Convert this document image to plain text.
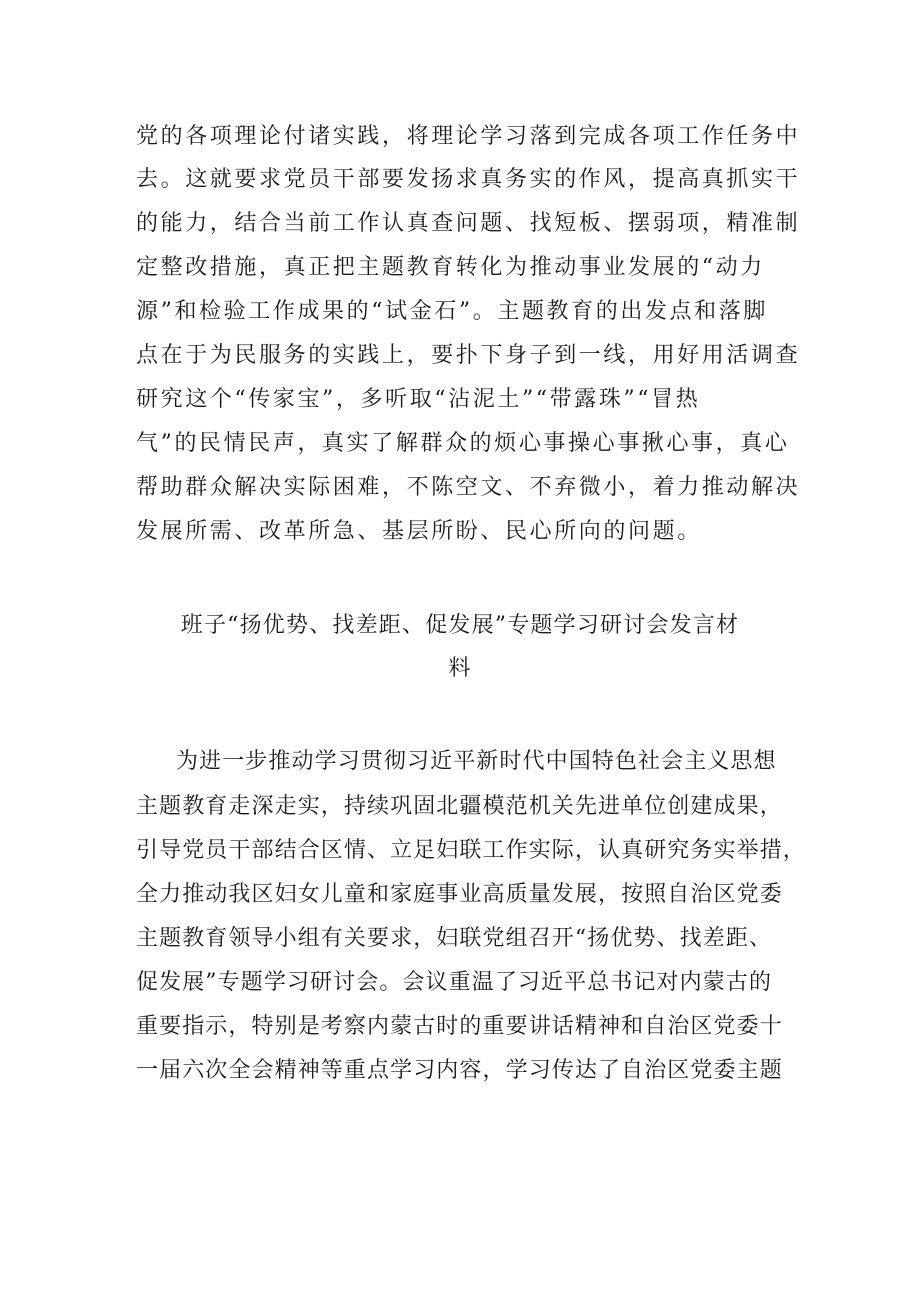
党的各项理论付诸实践，将理论学习落到完成各项工作任务中
去。这就要求党员干部要发扬求真务实的作风，提高真抓实干
的能力，结合当前工作认真查问题、找短板、摆弱项，精准制
定整改措施，真正把主题教育转化为推动事业发展的“动力
源”和检验工作成果的“试金石”。主题教育的出发点和落脚
点在于为民服务的实践上，要扑下身子到一线，用好用活调查
研究这个“传家宝”，多听取“沾泥土”“带露珠”“冒热
气”的民情民声，真实了解群众的烦心事操心事揪心事，真心
帮助群众解决实际困难，不陈空文、不弃微小，着力推动解决
发展所需、改革所急、基层所盼、民心所向的问题。
班子“扬优势、找差距、促发展”专题学习研讨会发言材
料
为进一步推动学习贯彻习近平新时代中国特色社会主义思想
主题教育走深走实，持续巩固北疆模范机关先进单位创建成果，
引导党员干部结合区情、立足妇联工作实际，认真研究务实举措，
全力推动我区妇女儿童和家庭事业高质量发展，按照自治区党委
主题教育领导小组有关要求，妇联党组召开“扬优势、找差距、
促发展”专题学习研讨会。会议重温了习近平总书记对内蒙古的
重要指示，特别是考察内蒙古时的重要讲话精神和自治区党委十
一届六次全会精神等重点学习内容，学习传达了自治区党委主题
